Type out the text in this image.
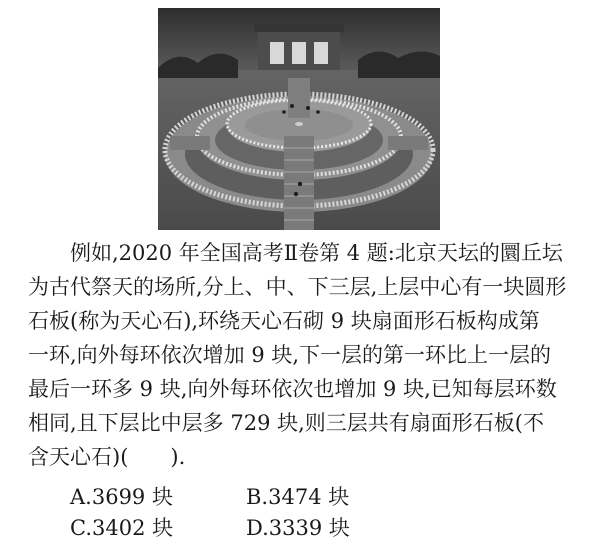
例如,2020 年全国高考Ⅱ卷第 4 题:北京天坛的圜丘坛
为古代祭天的场所,分上、中、下三层,上层中心有一块圆形
石板(称为天心石),环绕天心石砌 9 块扇面形石板构成第
一环,向外每环依次增加 9 块,下一层的第一环比上一层的
最后一环多 9 块,向外每环依次也增加 9 块,已知每层环数
相同,且下层比中层多 729 块,则三层共有扇面形石板(不
含天心石)(　　).

A.3699 块	B.3474 块
C.3402 块	D.3339 块
